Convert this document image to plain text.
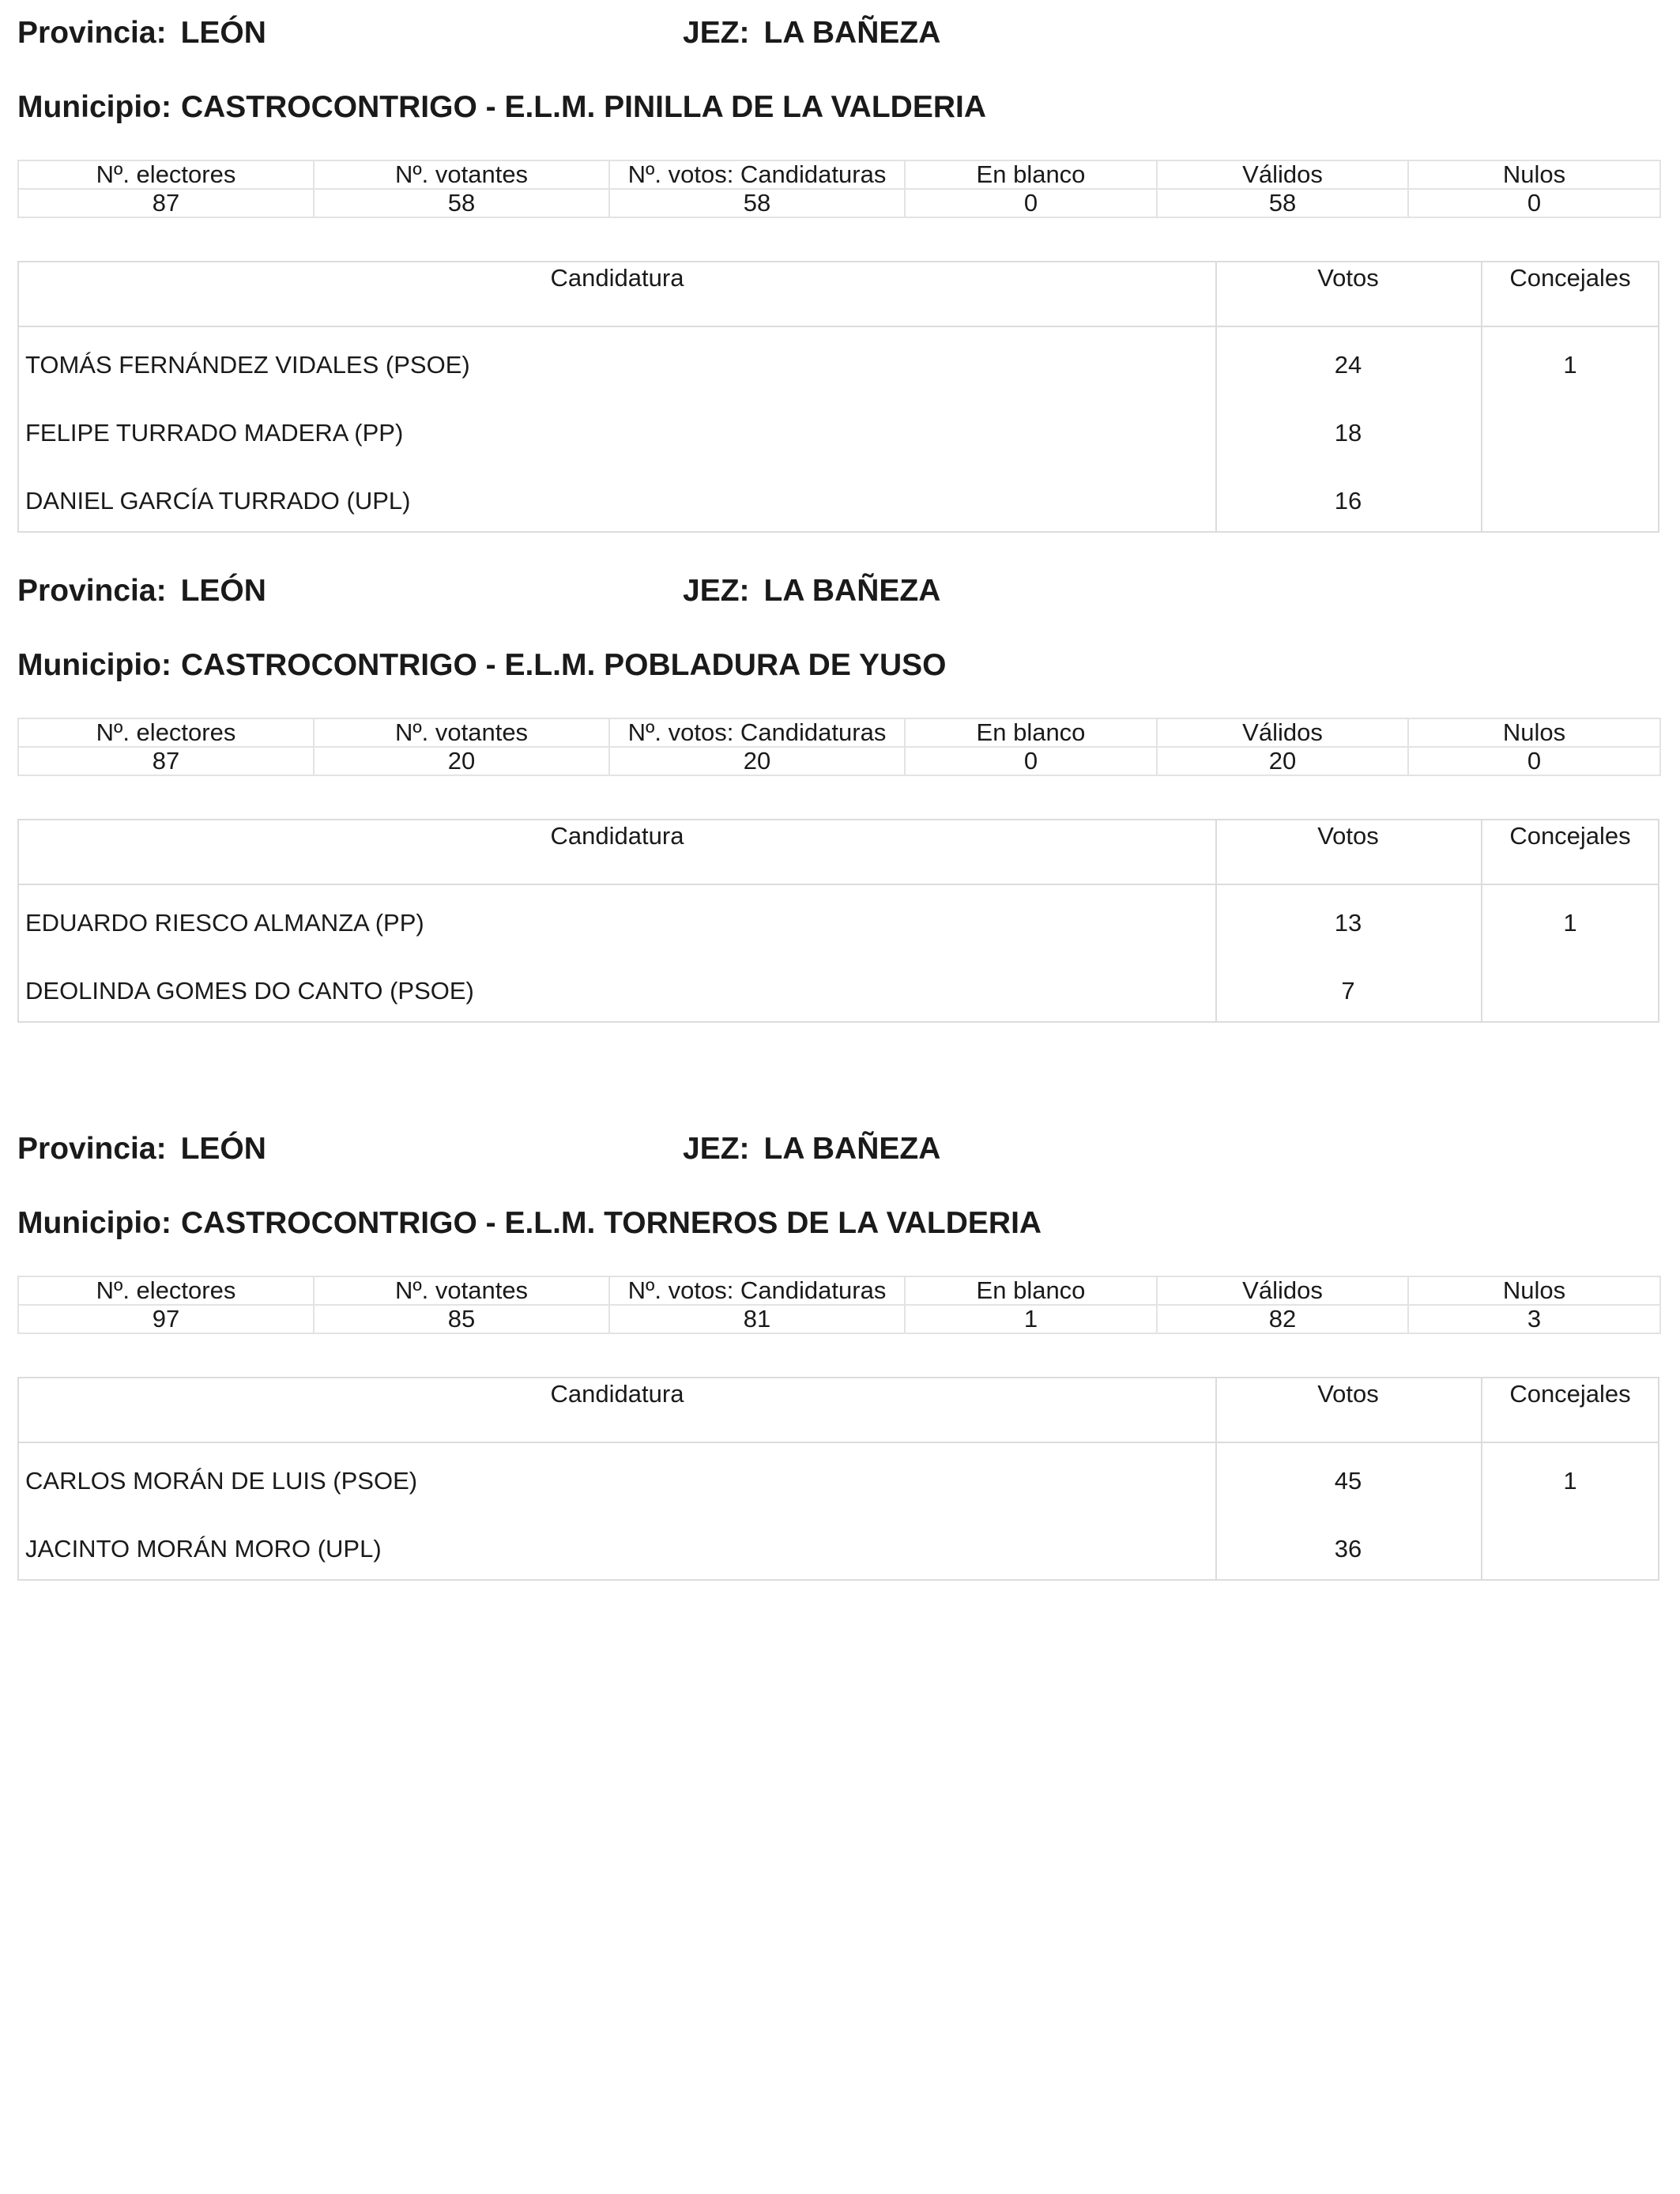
Provincia: LEÓN	JEZ: LA BAÑEZA
Municipio: CASTROCONTRIGO - E.L.M. PINILLA DE LA VALDERIA
Nº. electores	Nº. votantes	Nº. votos: Candidaturas	En blanco	Válidos	Nulos
87	58	58	0	58	0
Candidatura	Votos	Concejales
TOMÁS FERNÁNDEZ VIDALES (PSOE)	24	1
FELIPE TURRADO MADERA (PP)	18
DANIEL GARCÍA TURRADO (UPL)	16
Provincia: LEÓN	JEZ: LA BAÑEZA
Municipio: CASTROCONTRIGO - E.L.M. POBLADURA DE YUSO
Nº. electores	Nº. votantes	Nº. votos: Candidaturas	En blanco	Válidos	Nulos
87	20	20	0	20	0
Candidatura	Votos	Concejales
EDUARDO RIESCO ALMANZA (PP)	13	1
DEOLINDA GOMES DO CANTO (PSOE)	7
Provincia: LEÓN	JEZ: LA BAÑEZA
Municipio: CASTROCONTRIGO - E.L.M. TORNEROS DE LA VALDERIA
Nº. electores	Nº. votantes	Nº. votos: Candidaturas	En blanco	Válidos	Nulos
97	85	81	1	82	3
Candidatura	Votos	Concejales
CARLOS MORÁN DE LUIS (PSOE)	45	1
JACINTO MORÁN MORO (UPL)	36
